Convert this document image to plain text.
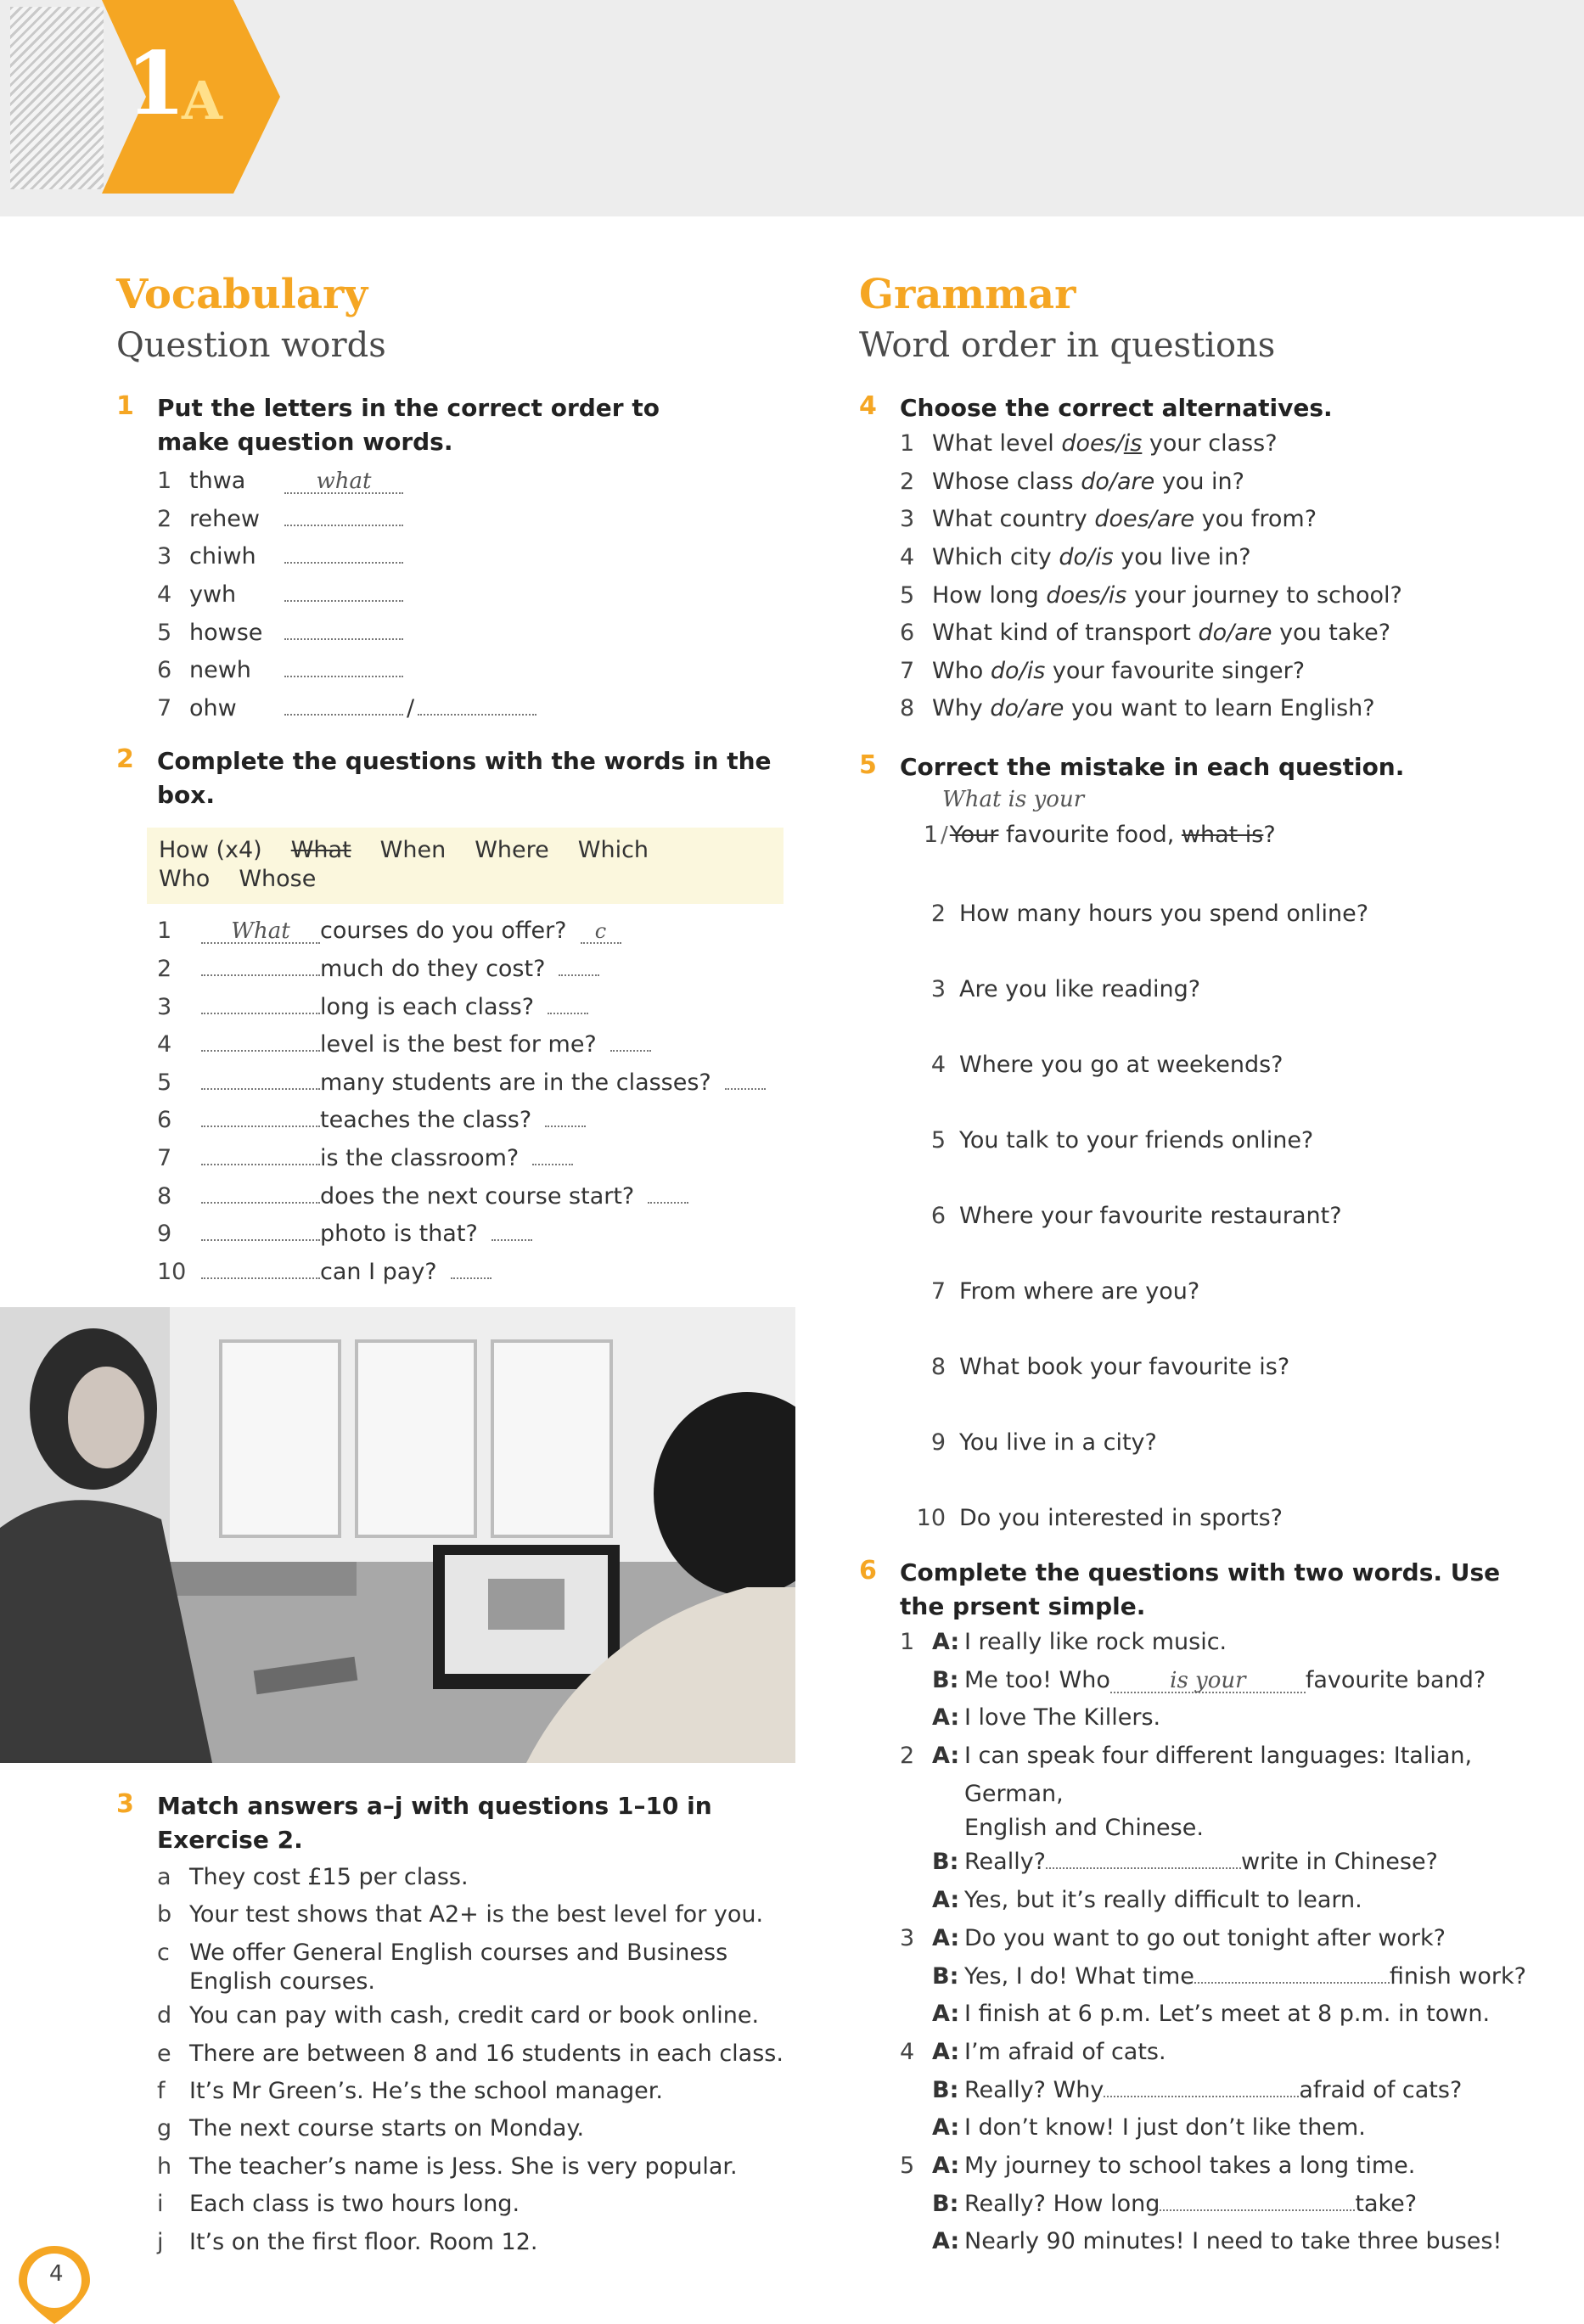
1
A
Vocabulary
Question words
1 Put the letters in the correct order to make question words.
1 thwa	what
2 rehew
3 chiwh
4 ywh
5 howse
6 newh
7 ohw	/
2 Complete the questions with the words in the box.
How (x4) What When Where Which
Who Whose
1	What	courses do you offer?	c
2	much do they cost?
3	long is each class?
4	level is the best for me?
5	many students are in the classes?
6	teaches the class?
7	is the classroom?
8	does the next course start?
9	photo is that?
10	can I pay?
3 Match answers a–j with questions 1–10 in Exercise 2.
a They cost £15 per class.
b Your test shows that A2+ is the best level for you.
c We offer General English courses and Business
English courses.
d You can pay with cash, credit card or book online.
e There are between 8 and 16 students in each class.
f	It’s Mr Green’s. He’s the school manager.
g The next course starts on Monday.
h The teacher’s name is Jess. She is very popular.
i	Each class is two hours long.
j	It’s on the first floor. Room 12.
Grammar
Word order in questions
4 Choose the correct alternatives.
1 What level does/is your class?
2 Whose class do/are you in?
3 What country does/are you from?
4 Which city do/is you live in?
5 How long does/is your journey to school?
6 What kind of transport do/are you take?
7 Who do/is your favourite singer?
8 Why do/are you want to learn English?
5 Correct the mistake in each question.
What is your
1 / Your favourite food, what is ?
2 How many hours you spend online?
3 Are you like reading?
4 Where you go at weekends?
5 You talk to your friends online?
6 Where your favourite restaurant?
7 From where are you?
8 What book your favourite is?
9 You live in a city?
10 Do you interested in sports?
6 Complete the questions with two words. Use the prsent simple.
1 A: I really like rock music.
B: Me too! Who	is your	favourite band?
A: I love The Killers.
2 A: I can speak four different languages: Italian, German,
English and Chinese.
B: Really?	write in Chinese?
A: Yes, but it’s really difficult to learn.
3 A: Do you want to go out tonight after work?
B: Yes, I do! What time	finish work?
A: I finish at 6 p.m. Let’s meet at 8 p.m. in town.
4 A: I’m afraid of cats.
B: Really? Why	afraid of cats?
A: I don’t know! I just don’t like them.
5 A: My journey to school takes a long time.
B: Really? How long	take?
A: Nearly 90 minutes! I need to take three buses!
4
